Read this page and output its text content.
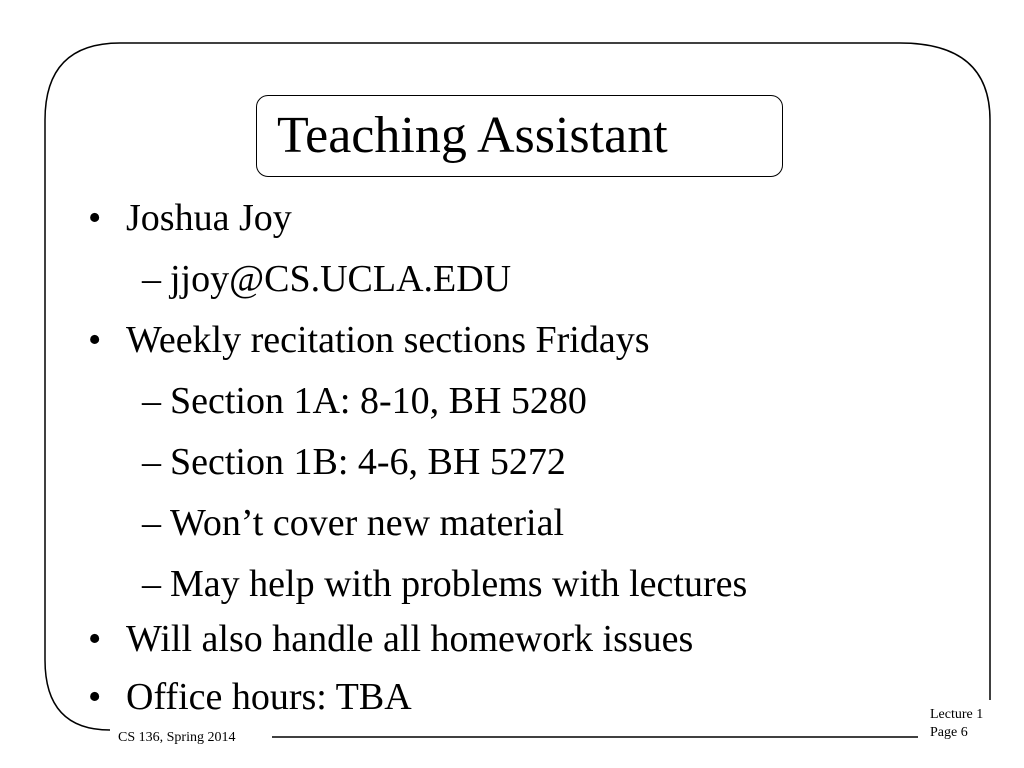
Teaching Assistant
• Joshua Joy
– jjoy@CS.UCLA.EDU
• Weekly recitation sections Fridays
– Section 1A: 8-10, BH 5280
– Section 1B: 4-6, BH 5272
– Won’t cover new material
– May help with problems with lectures
• Will also handle all homework issues
• Office hours: TBA
CS 136, Spring 2014
Lecture 1
Page 6
